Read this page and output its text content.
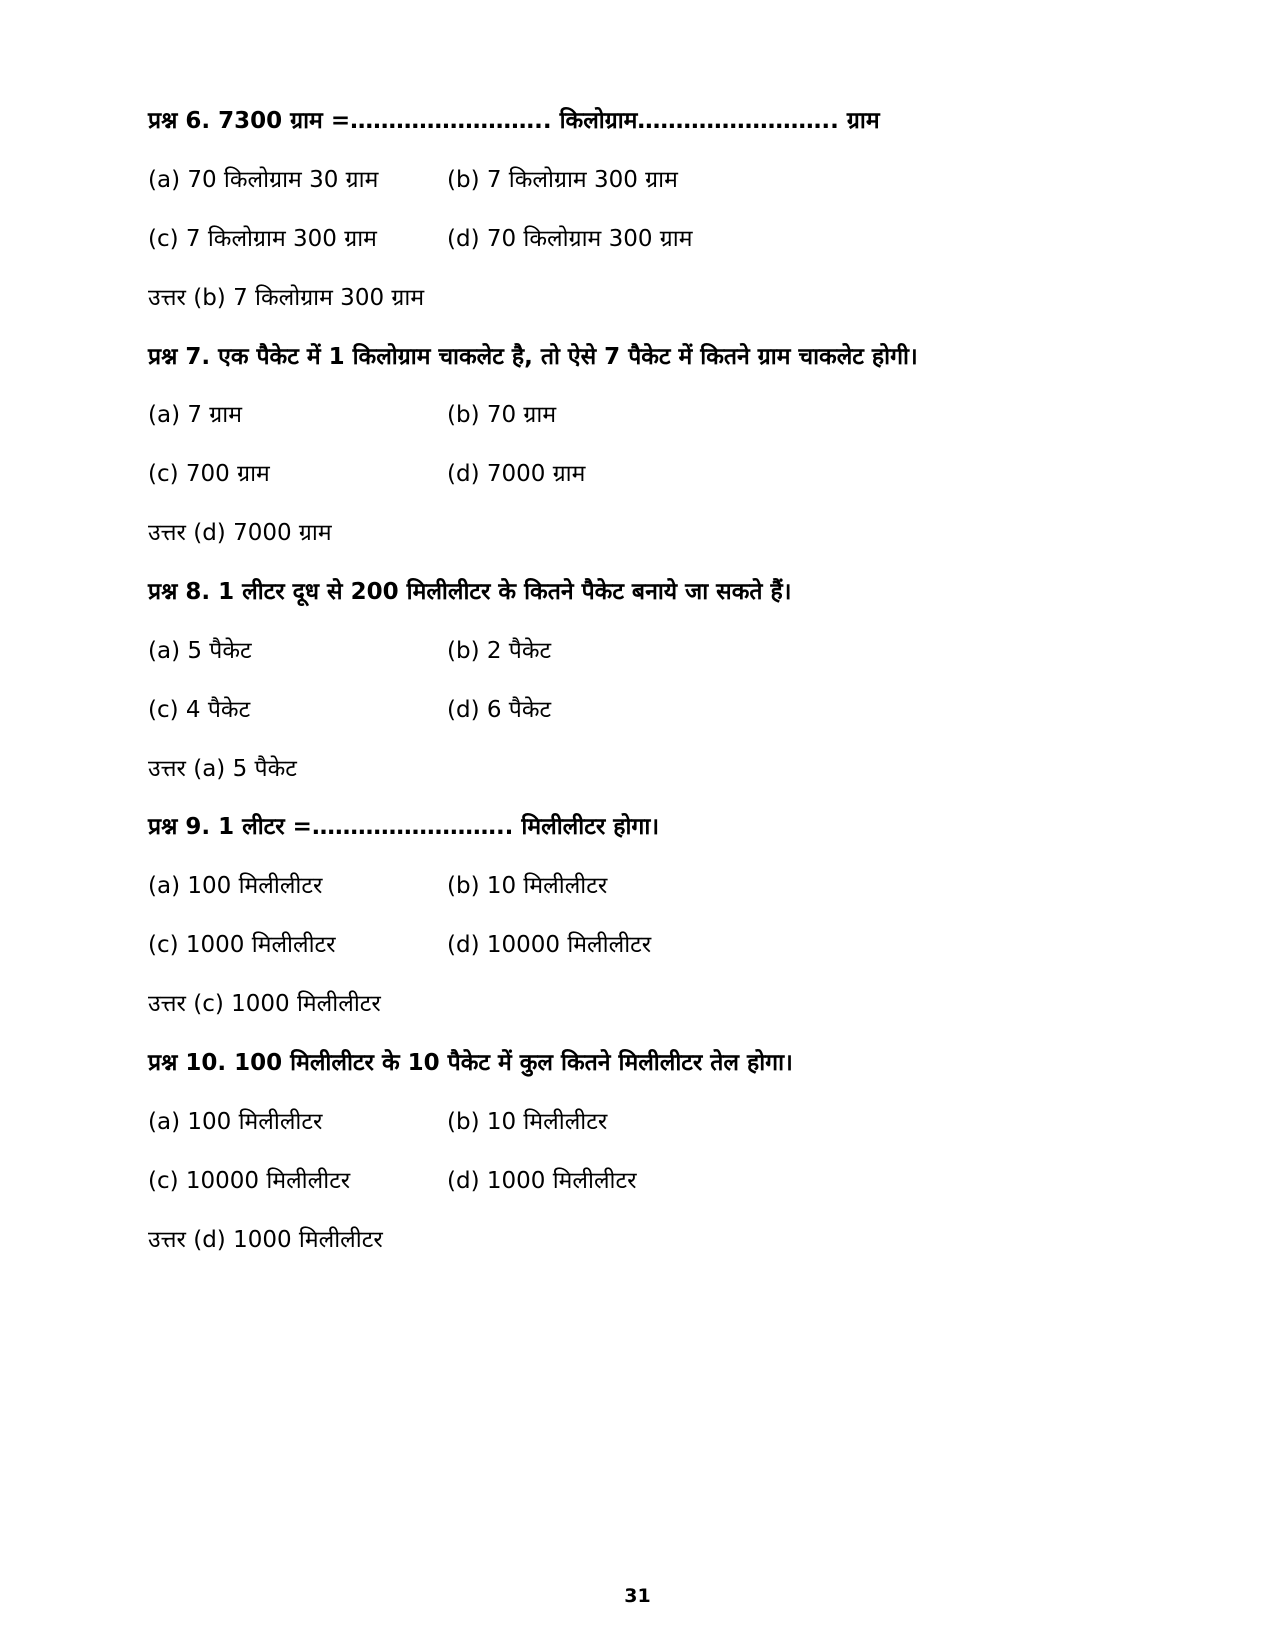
प्रश्न 6. 7300 ग्राम =…………………….. किलोग्राम…………………….. ग्राम
(a) 70 किलोग्राम 30 ग्राम	(b) 7 किलोग्राम 300 ग्राम
(c) 7 किलोग्राम 300 ग्राम	(d) 70 किलोग्राम 300 ग्राम
उत्तर (b) 7 किलोग्राम 300 ग्राम
प्रश्न 7. एक पैकेट में 1 किलोग्राम चाकलेट है, तो ऐसे 7 पैकेट में कितने ग्राम चाकलेट होगी।
(a) 7 ग्राम	(b) 70 ग्राम
(c) 700 ग्राम	(d) 7000 ग्राम
उत्तर (d) 7000 ग्राम
प्रश्न 8. 1 लीटर दूध से 200 मिलीलीटर के कितने पैकेट बनाये जा सकते हैं।
(a) 5 पैकेट	(b) 2 पैकेट
(c) 4 पैकेट	(d) 6 पैकेट
उत्तर (a) 5 पैकेट
प्रश्न 9. 1 लीटर =…………………….. मिलीलीटर होगा।
(a) 100 मिलीलीटर	(b) 10 मिलीलीटर
(c) 1000 मिलीलीटर	(d) 10000 मिलीलीटर
उत्तर (c) 1000 मिलीलीटर
प्रश्न 10. 100 मिलीलीटर के 10 पैकेट में कुल कितने मिलीलीटर तेल होगा।
(a) 100 मिलीलीटर	(b) 10 मिलीलीटर
(c) 10000 मिलीलीटर	(d) 1000 मिलीलीटर
उत्तर (d) 1000 मिलीलीटर
31
